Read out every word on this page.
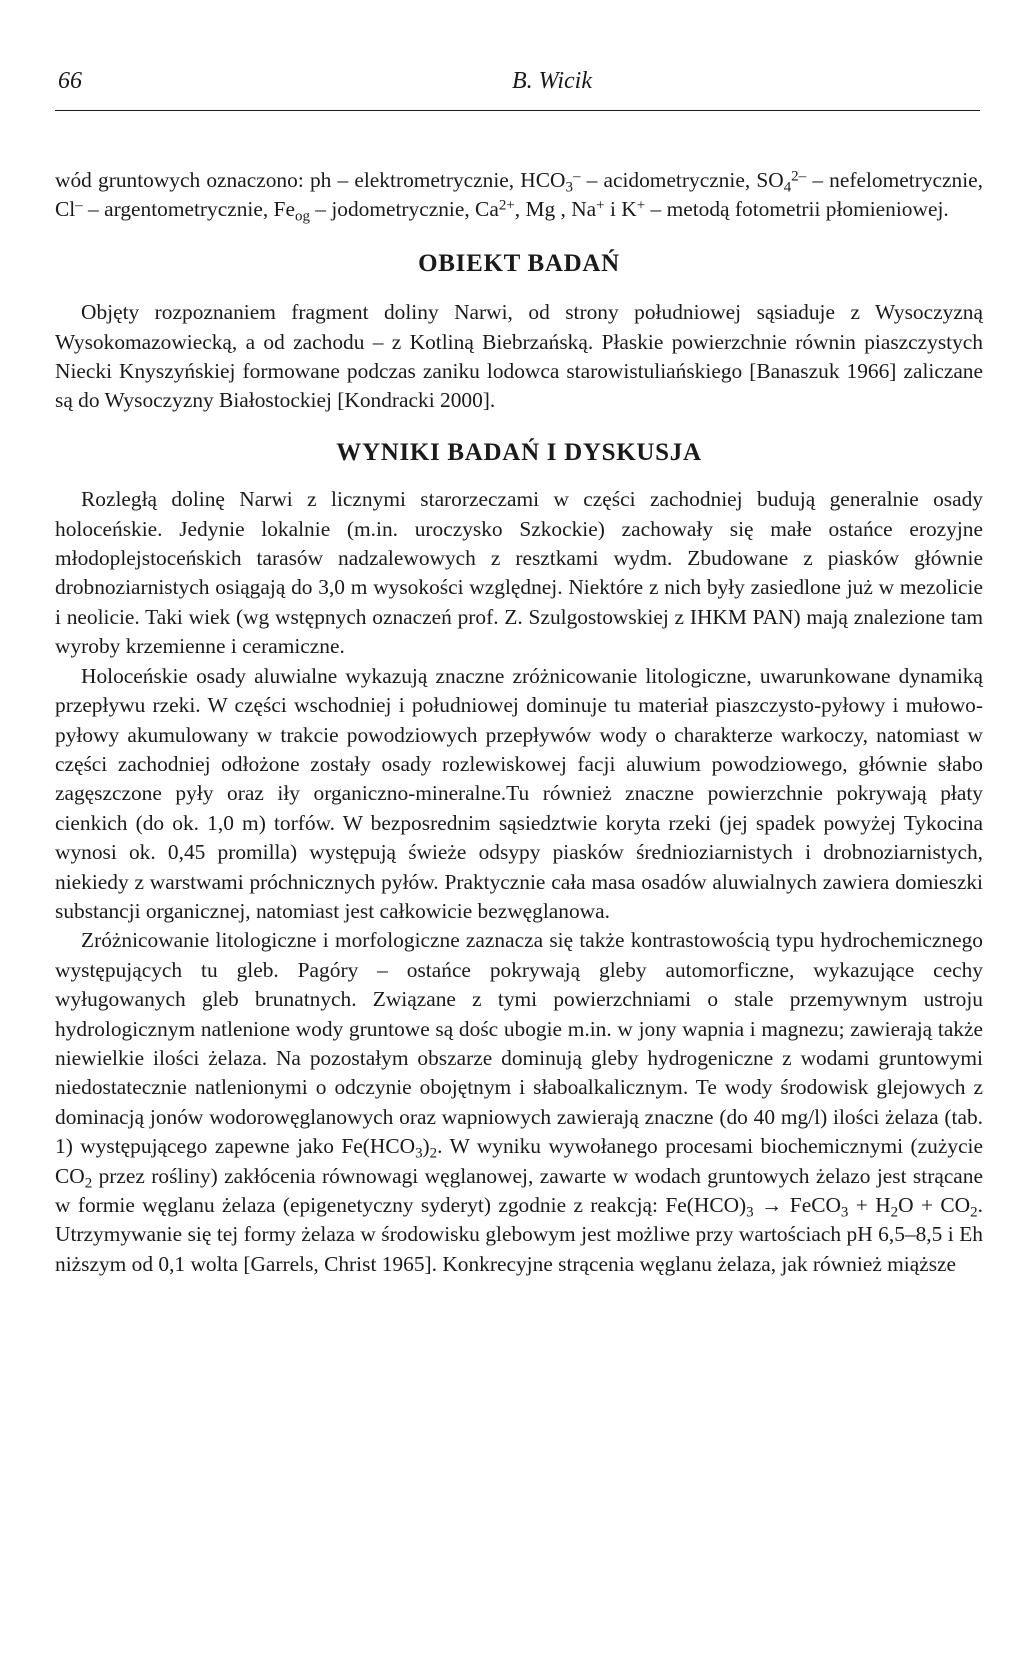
66	B. Wicik

wód gruntowych oznaczono: ph – elektrometrycznie, $HCO_3^-$ – acidometrycznie, $SO_4^{2-}$ – nefelometrycznie, Cl– – argentometrycznie, $Fe_{og}$ – jodometrycznie, $Ca^{2+}$, Mg , Na+ i K+ – metodą fotometrii płomieniowej.

OBIEKT BADAŃ

Objęty rozpoznaniem fragment doliny Narwi, od strony południowej sąsiaduje z Wysoczyzną Wysokomazowiecką, a od zachodu – z Kotliną Biebrzańską. Płaskie powierzchnie równin piaszczystych Niecki Knyszyńskiej formowane podczas zaniku lodowca starowistuliańskiego [Banaszuk 1966] zaliczane są do Wysoczyzny Białostockiej [Kondracki 2000].

WYNIKI BADAŃ I DYSKUSJA

Rozległą dolinę Narwi z licznymi starorzeczami w części zachodniej budują generalnie osady holoceńskie. Jedynie lokalnie (m.in. uroczysko Szkockie) zachowały się małe ostańce erozyjne młodoplejstoceńskich tarasów nadzalewowych z resztkami wydm. Zbudowane z piasków głównie drobnoziarnistych osiągają do 3,0 m wysokości względnej. Niektóre z nich były zasiedlone już w mezolicie i neolicie. Taki wiek (wg wstępnych oznaczeń prof. Z. Szulgostowskiej z IHKM PAN) mają znalezione tam wyroby krzemienne i ceramiczne.

Holoceńskie osady aluwialne wykazują znaczne zróżnicowanie litologiczne, uwarunkowane dynamiką przepływu rzeki. W części wschodniej i południowej dominuje tu materiał piaszczysto-pyłowy i mułowo-pyłowy akumulowany w trakcie powodziowych przepływów wody o charakterze warkoczy, natomiast w części zachodniej odłożone zostały osady rozlewiskowej facji aluwium powodziowego, głównie słabo zagęszczone pyły oraz iły organiczno-mineralne.Tu również znaczne powierzchnie pokrywają płaty cienkich (do ok. 1,0 m) torfów. W bezposrednim sąsiedztwie koryta rzeki (jej spadek powyżej Tykocina wynosi ok. 0,45 promilla) występują świeże odsypy piasków średnioziarnistych i drobnoziarnistych, niekiedy z warstwami próchnicznych pyłów. Praktycznie cała masa osadów aluwialnych zawiera domieszki substancji organicznej, natomiast jest całkowicie bezwęglanowa.

Zróżnicowanie litologiczne i morfologiczne zaznacza się także kontrastowością typu hydrochemicznego występujących tu gleb. Pagóry – ostańce pokrywają gleby automorficzne, wykazujące cechy wyługowanych gleb brunatnych. Związane z tymi powierzchniami o stale przemywnym ustroju hydrologicznym natlenione wody gruntowe są dośc ubogie m.in. w jony wapnia i magnezu; zawierają także niewielkie ilości żelaza. Na pozostałym obszarze dominują gleby hydrogeniczne z wodami gruntowymi niedostatecznie natlenionymi o odczynie obojętnym i słaboalkalicznym. Te wody środowisk glejowych z dominacją jonów wodorowęglanowych oraz wapniowych zawierają znaczne (do 40 mg/l) ilości żelaza (tab. 1) występującego zapewne jako $Fe(HCO_3)_2$. W wyniku wywołanego procesami biochemicznymi (zużycie $CO_2$ przez rośliny) zakłócenia równowagi węglanowej, zawarte w wodach gruntowych żelazo jest strącane w formie węglanu żelaza (epigenetyczny syderyt) zgodnie z reakcją: $Fe(HCO)_3$ → FeCO$_3$ + $H_2O + CO_2$. Utrzymywanie się tej formy żelaza w środowisku glebowym jest możliwe przy wartościach pH 6,5–8,5 i Eh niższym od 0,1 wolta [Garrels, Christ 1965]. Konkrecyjne strącenia węglanu żelaza, jak również miąższe
